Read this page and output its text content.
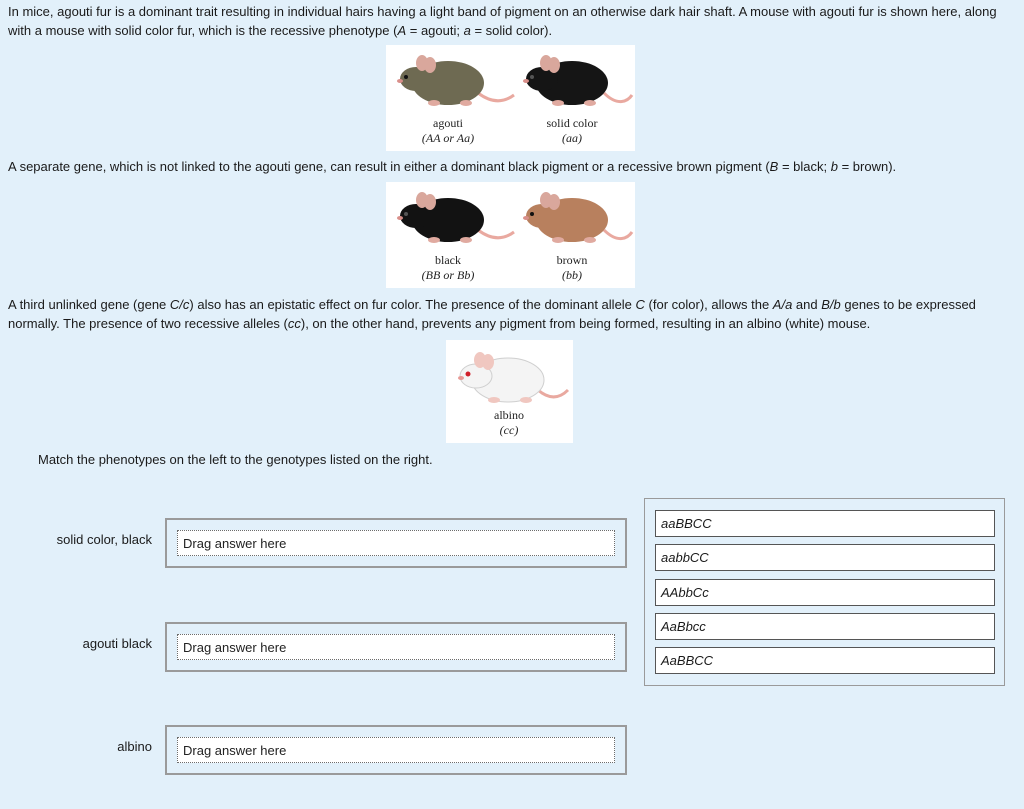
In mice, agouti fur is a dominant trait resulting in individual hairs having a light band of pigment on an otherwise dark hair shaft. A mouse with agouti fur is shown here, along with a mouse with solid color fur, which is the recessive phenotype (A = agouti; a = solid color).

agouti
(AA or Aa)
solid color
(aa)

A separate gene, which is not linked to the agouti gene, can result in either a dominant black pigment or a recessive brown pigment (B = black; b = brown).

black
(BB or Bb)
brown
(bb)

A third unlinked gene (gene C/c) also has an epistatic effect on fur color. The presence of the dominant allele C (for color), allows the A/a and B/b genes to be expressed normally. The presence of two recessive alleles (cc), on the other hand, prevents any pigment from being formed, resulting in an albino (white) mouse.

albino
(cc)

Match the phenotypes on the left to the genotypes listed on the right.

solid color, black	Drag answer here
agouti black	Drag answer here
albino	Drag answer here
aaBBCC
aabbCC
AAbbCc
AaBbcc
AaBBCC
